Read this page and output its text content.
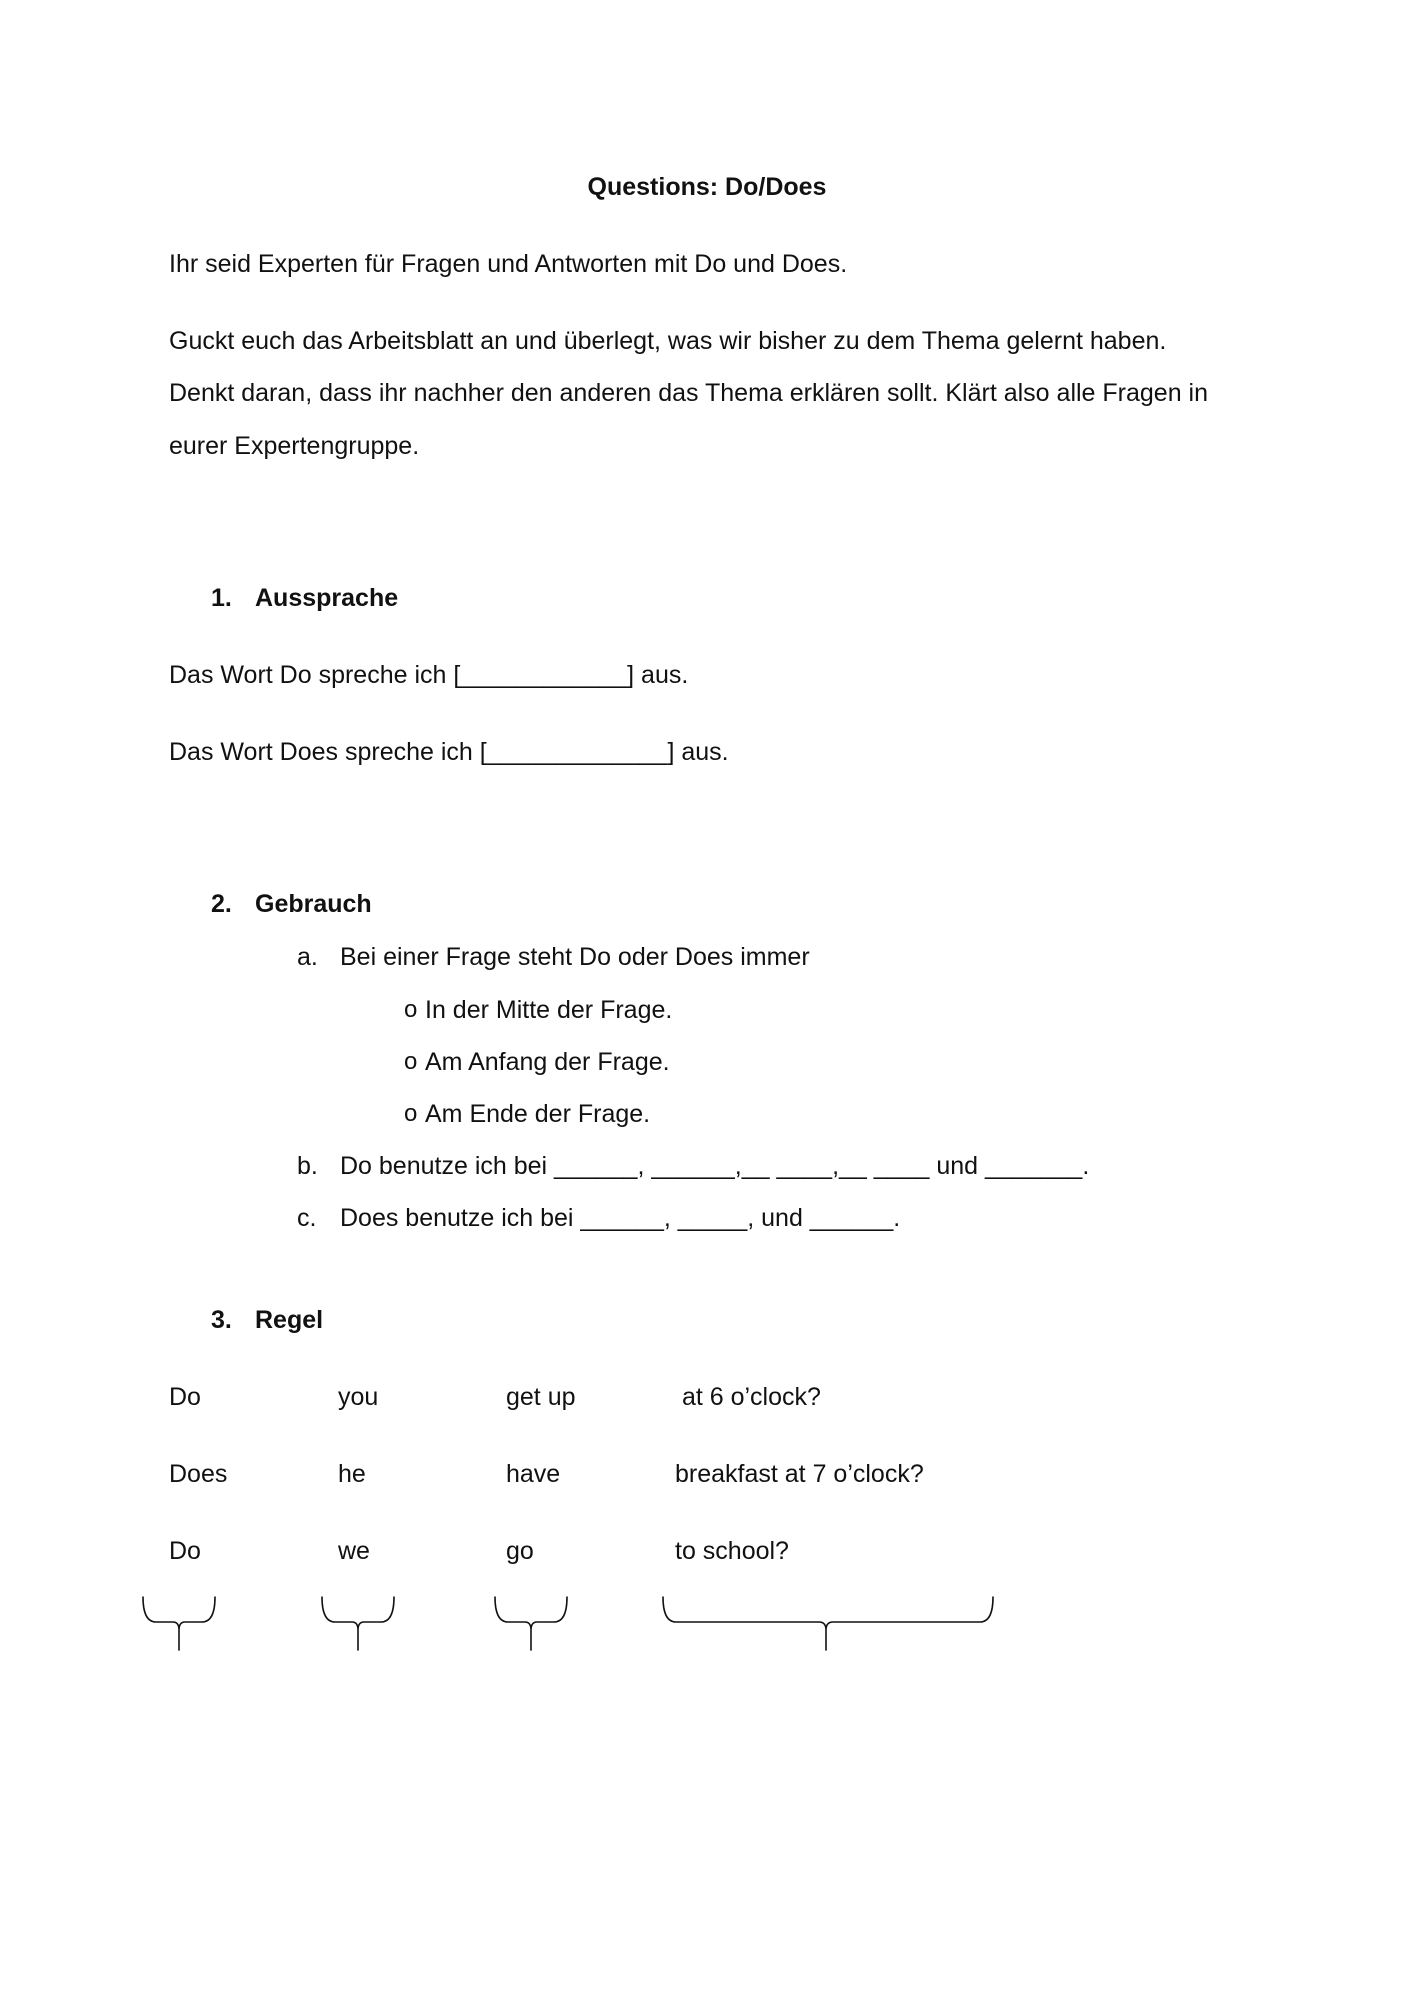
Questions: Do/Does
Ihr seid Experten für Fragen und Antworten mit Do und Does.
Guckt euch das Arbeitsblatt an und überlegt, was wir bisher zu dem Thema gelernt haben.
Denkt daran, dass ihr nachher den anderen das Thema erklären sollt. Klärt also alle Fragen in
eurer Expertengruppe.
1. Aussprache
Das Wort Do spreche ich [____________] aus.
Das Wort Does spreche ich [_____________] aus.
2. Gebrauch
a. Bei einer Frage steht Do oder Does immer
o In der Mitte der Frage.
o Am Anfang der Frage.
o Am Ende der Frage.
b. Do benutze ich bei ______, ______,__ ____,__ ____ und _______.
c. Does benutze ich bei ______, _____, und ______.
3. Regel
Do	you	get up	at 6 o’clock?
Does	he	have	breakfast at 7 o’clock?
Do	we	go	to school?
